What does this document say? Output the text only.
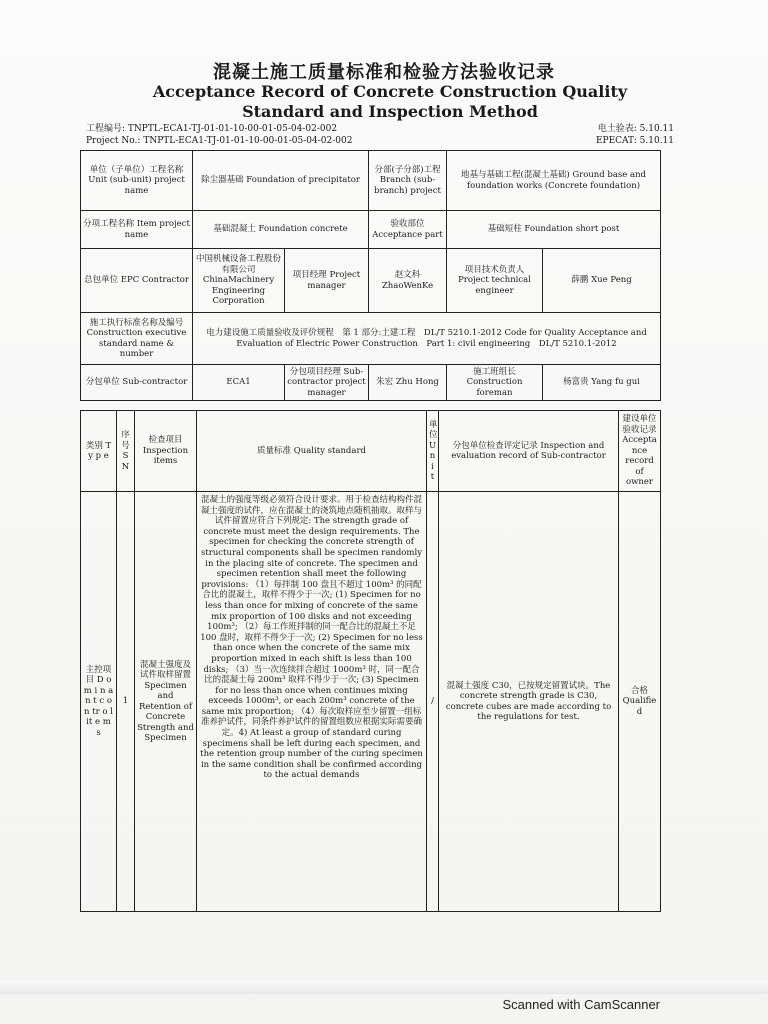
混凝土施工质量标准和检验方法验收记录
Acceptance Record of Concrete Construction Quality Standard and Inspection Method
工程编号: TNPTL-ECA1-TJ-01-01-10-00-01-05-04-02-002
Project No.: TNPTL-ECA1-TJ-01-01-10-00-01-05-04-02-002
电土验表: 5.10.11
EPECAT: 5.10.11
单位（子单位）工程名称 Unit (sub-unit) project name	除尘器基础 Foundation of precipitator		分部(子分部)工程 Branch (sub-branch) project	地基与基础工程(混凝土基础) Ground base and foundation works (Concrete foundation)	
分项工程名称 Item project name	基础混凝土 Foundation concrete		验收部位 Acceptance part	基础短柱 Foundation short post	
总包单位 EPC Contractor	中国机械设备工程股份有限公司 ChinaMachinery Engineering Corporation	项目经理 Project manager	赵文科 ZhaoWenKe	项目技术负责人 Project technical engineer	薛鹏 Xue Peng
施工执行标准名称及编号 Construction executive standard name & number	电力建设施工质量验收及评价规程　第 1 部分:土建工程　DL/T 5210.1-2012 Code for Quality Acceptance and Evaluation of Electric Power Construction　Part 1: civil engineering　DL/T 5210.1-2012				
分包单位 Sub-contractor	ECA1	分包项目经理 Sub-contractor project manager	朱宏 Zhu Hong	施工班组长 Construction foreman	杨富贵 Yang fu gui
类别 T y p e	序号 S N	检查项目 Inspection items	质量标准 Quality standard	单位 U n i t	分包单位检查评定记录 Inspection and evaluation record of Sub-contractor	建设单位验收记录 Acceptance record of owner
主控项目 D o m i n a n t c o n tr o l it e m s	1	混凝土强度及试件取样留置 Specimen and Retention of Concrete Strength and Specimen	混凝土的强度等级必须符合设计要求。用于检查结构构件混凝土强度的试件，应在混凝土的浇筑地点随机抽取。取样与试件留置应符合下列规定: The strength grade of concrete must meet the design requirements. The specimen for checking the concrete strength of structural components shall be specimen randomly in the placing site of concrete. The specimen and specimen retention shall meet the following provisions: （1）每拌制 100 盘且不超过 100m³ 的同配合比的混凝土，取样不得少于一次; (1) Specimen for no less than once for mixing of concrete of the same mix proportion of 100 disks and not exceeding 100m³; （2）每工作班拌制的同一配合比的混凝土不足 100 盘时，取样不得少于一次; (2) Specimen for no less than once when the concrete of the same mix proportion mixed in each shift is less than 100 disks; （3）当一次连续拌合超过 1000m³ 时，同一配合比的混凝土每 200m³ 取样不得少于一次; (3) Specimen for no less than once when continues mixing exceeds 1000m³, or each 200m³ concrete of the same mix proportion; （4）每次取样应至少留置一组标准养护试件，同条件养护试件的留置组数应根据实际需要确定。4) At least a group of standard curing specimens shall be left during each specimen, and the retention group number of the curing specimen in the same condition shall be confirmed according to the actual demands	/	混凝土强度 C30，已按规定留置试块。The concrete strength grade is C30, concrete cubes are made according to the regulations for test.	合格 Qualified
Scanned with CamScanner
